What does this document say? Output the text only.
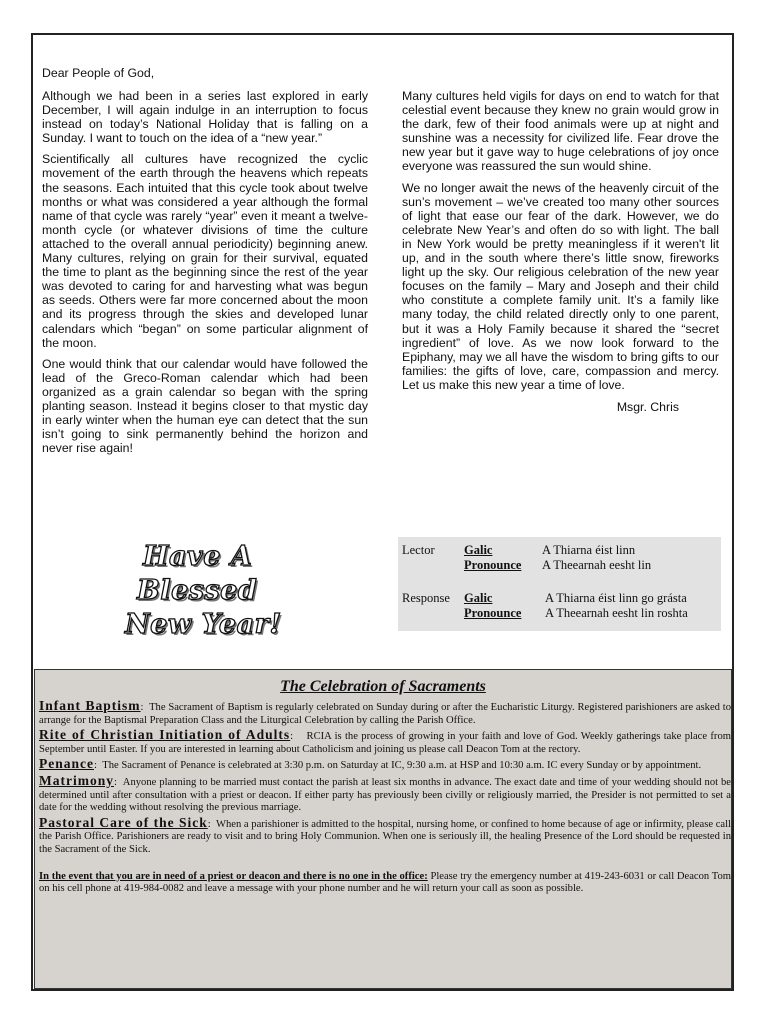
Dear People of God,

Although we had been in a series last explored in early December, I will again indulge in an interruption to focus instead on today’s National Holiday that is falling on a Sunday. I want to touch on the idea of a “new year.”

Scientifically all cultures have recognized the cyclic movement of the earth through the heavens which repeats the seasons. Each intuited that this cycle took about twelve months or what was considered a year although the formal name of that cycle was rarely “year” even it meant a twelve-month cycle (or whatever divisions of time the culture attached to the overall annual periodicity) beginning anew. Many cultures, relying on grain for their survival, equated the time to plant as the beginning since the rest of the year was devoted to caring for and harvesting what was begun as seeds. Others were far more concerned about the moon and its progress through the skies and developed lunar calendars which “began” on some particular alignment of the moon.

One would think that our calendar would have followed the lead of the Greco-Roman calendar which had been organized as a grain calendar so began with the spring planting season. Instead it begins closer to that mystic day in early winter when the human eye can detect that the sun isn’t going to sink permanently behind the horizon and never rise again!

Many cultures held vigils for days on end to watch for that celestial event because they knew no grain would grow in the dark, few of their food animals were up at night and sunshine was a necessity for civilized life. Fear drove the new year but it gave way to huge celebrations of joy once everyone was reassured the sun would shine.

We no longer await the news of the heavenly circuit of the sun’s movement – we’ve created too many other sources of light that ease our fear of the dark. However, we do celebrate New Year’s and often do so with light. The ball in New York would be pretty meaningless if it weren't lit up, and in the south where there’s little snow, fireworks light up the sky. Our religious celebration of the new year focuses on the family – Mary and Joseph and their child who constitute a complete family unit. It’s a family like many today, the child related directly only to one parent, but it was a Holy Family because it shared the “secret ingredient” of love. As we now look forward to the Epiphany, may we all have the wisdom to bring gifts to our families: the gifts of love, care, compassion and mercy. Let us make this new year a time of love.

Msgr. Chris
Have A
Blessed
New Year!
Lector	Galic	A Thiarna éist linn
Pronounce	A Theearnah eesht lin
Response	Galic	A Thiarna éist linn go grásta
Pronounce	A Theearnah eesht lin roshta
The Celebration of Sacraments

Infant Baptism:  The Sacrament of Baptism is regularly celebrated on Sunday during or after the Eucharistic Liturgy. Registered parishioners are asked to arrange for the Baptismal Preparation Class and the Liturgical Celebration by calling the Parish Office.

Rite of Christian Initiation of Adults:    RCIA is the process of growing in your faith and love of God. Weekly gatherings take place from September until Easter. If you are interested in learning about Catholicism and joining us please call Deacon Tom at the rectory.

Penance:  The Sacrament of Penance is celebrated at 3:30 p.m. on Saturday at IC, 9:30 a.m. at HSP and 10:30 a.m. IC every Sunday or by appointment.

Matrimony:  Anyone planning to be married must contact the parish at least six months in advance. The exact date and time of your wedding should not be determined until after consultation with a priest or deacon. If either party has previously been civilly or religiously married, the Presider is not permitted to set a date for the wedding without resolving the previous marriage.

Pastoral Care of the Sick:  When a parishioner is admitted to the hospital, nursing home, or confined to home because of age or infirmity, please call the Parish Office. Parishioners are ready to visit and to bring Holy Communion. When one is seriously ill, the healing Presence of the Lord should be requested in the Sacrament of the Sick.

In the event that you are in need of a priest or deacon and there is no one in the office: Please try the emergency number at 419-243-6031 or call Deacon Tom on his cell phone at 419-984-0082 and leave a message with your phone number and he will return your call as soon as possible.
